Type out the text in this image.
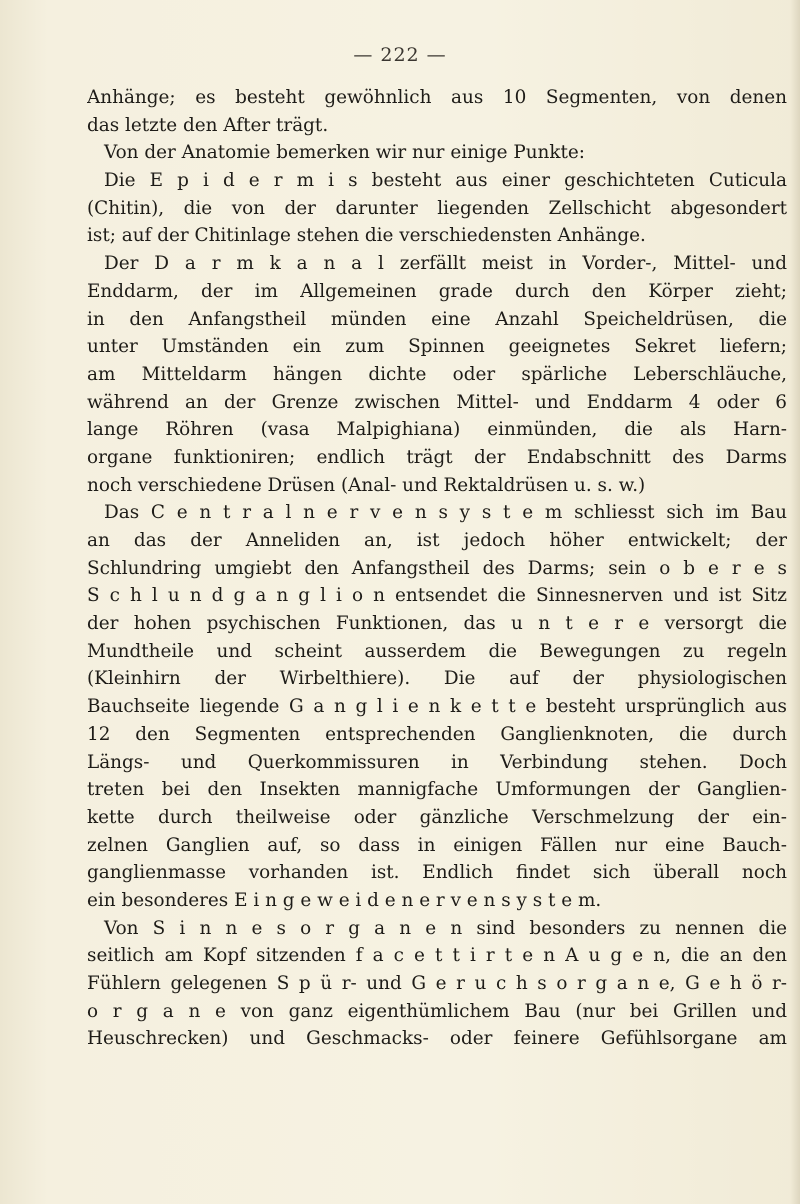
— 222 —
Anhänge; es besteht gewöhnlich aus 10 Segmenten, von denen
das letzte den After trägt.
Von der Anatomie bemerken wir nur einige Punkte:
Die E p i d e r m i s besteht aus einer geschichteten Cuticula
(Chitin), die von der darunter liegenden Zellschicht abgesondert
ist; auf der Chitinlage stehen die verschiedensten Anhänge.
Der D a r m k a n a l zerfällt meist in Vorder-, Mittel- und
Enddarm, der im Allgemeinen grade durch den Körper zieht;
in den Anfangstheil münden eine Anzahl Speicheldrüsen, die
unter Umständen ein zum Spinnen geeignetes Sekret liefern;
am Mitteldarm hängen dichte oder spärliche Leberschläuche,
während an der Grenze zwischen Mittel- und Enddarm 4 oder 6
lange Röhren (vasa Malpighiana) einmünden, die als Harn-
organe funktioniren; endlich trägt der Endabschnitt des Darms
noch verschiedene Drüsen (Anal- und Rektaldrüsen u. s. w.)
Das C e n t r a l n e r v e n s y s t e m schliesst sich im Bau
an das der Anneliden an, ist jedoch höher entwickelt; der
Schlundring umgiebt den Anfangstheil des Darms; sein o b e r e s
S c h l u n d g a n g l i o n entsendet die Sinnesnerven und ist Sitz
der hohen psychischen Funktionen, das u n t e r e versorgt die
Mundtheile und scheint ausserdem die Bewegungen zu regeln
(Kleinhirn der Wirbelthiere). Die auf der physiologischen
Bauchseite liegende G a n g l i e n k e t t e besteht ursprünglich aus
12 den Segmenten entsprechenden Ganglienknoten, die durch
Längs- und Querkommissuren in Verbindung stehen. Doch
treten bei den Insekten mannigfache Umformungen der Ganglien-
kette durch theilweise oder gänzliche Verschmelzung der ein-
zelnen Ganglien auf, so dass in einigen Fällen nur eine Bauch-
ganglienmasse vorhanden ist. Endlich findet sich überall noch
ein besonderes E i n g e w e i d e n e r v e n s y s t e m.
Von S i n n e s o r g a n e n sind besonders zu nennen die
seitlich am Kopf sitzenden f a c e t t i r t e n A u g e n, die an den
Fühlern gelegenen S p ü r- und G e r u c h s o r g a n e, G e h ö r-
o r g a n e von ganz eigenthümlichem Bau (nur bei Grillen und
Heuschrecken) und Geschmacks- oder feinere Gefühlsorgane am
